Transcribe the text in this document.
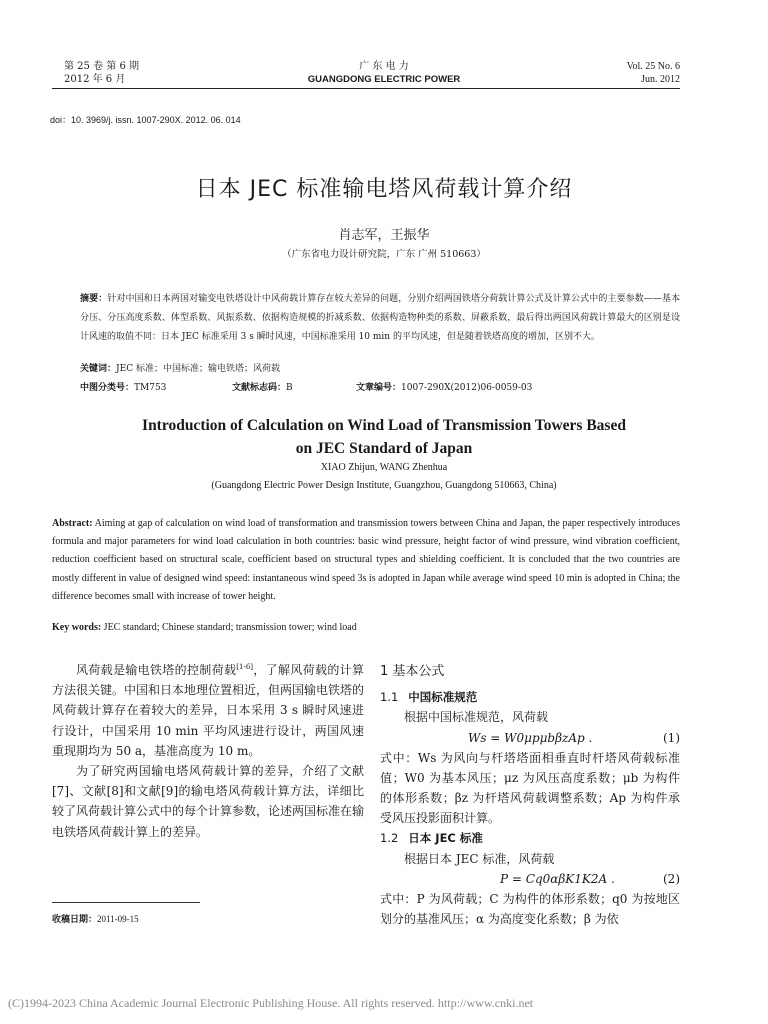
第 25 卷 第 6 期
2012 年 6 月
广 东 电 力
GUANGDONG ELECTRIC POWER
Vol. 25 No. 6
Jun. 2012
doi：10. 3969/j. issn. 1007-290X. 2012. 06. 014
日本 JEC 标准输电塔风荷载计算介绍
肖志军，王振华
（广东省电力设计研究院，广东 广州 510663）
摘要：针对中国和日本两国对输变电铁塔设计中风荷载计算存在较大差异的问题，分别介绍两国铁塔分荷载计算公式及计算公式中的主要参数——基本分压、分压高度系数、体型系数、风振系数、依据构造规模的折减系数、依据构造物种类的系数、屏蔽系数，最后得出两国风荷载计算最大的区别是设计风速的取值不同：日本 JEC 标准采用 3 s 瞬时风速，中国标准采用 10 min 的平均风速，但是随着铁塔高度的增加，区别不大。
关键词：JEC 标准；中国标准；输电铁塔；风荷载
中图分类号：TM753	文献标志码：B	文章编号：1007-290X(2012)06-0059-03
Introduction of Calculation on Wind Load of Transmission Towers Based
on JEC Standard of Japan
XIAO Zhijun, WANG Zhenhua
(Guangdong Electric Power Design Institute, Guangzhou, Guangdong 510663, China)
Abstract: Aiming at gap of calculation on wind load of transformation and transmission towers between China and Japan, the paper respectively introduces formula and major parameters for wind load calculation in both countries: basic wind pressure, height factor of wind pressure, wind vibration coefficient, reduction coefficient based on structural scale, coefficient based on structural types and shielding coefficient. It is concluded that the two countries are mostly different in value of designed wind speed: instantaneous wind speed 3s is adopted in Japan while average wind speed 10 min is adopted in China; the difference becomes small with increase of tower height.
Key words: JEC standard; Chinese standard; transmission tower; wind load

风荷载是输电铁塔的控制荷载[1-6]，了解风荷载的计算方法很关键。中国和日本地理位置相近，但两国输电铁塔的风荷载计算存在着较大的差异，日本采用 3 s 瞬时风速进行设计，中国采用 10 min 平均风速进行设计，两国风速重现期均为 50 a，基准高度为 10 m。

为了研究两国输电塔风荷载计算的差异，介绍了文献[7]、文献[8]和文献[9]的输电塔风荷载计算方法，详细比较了风荷载计算公式中的每个计算参数，论述两国标准在输电铁塔风荷载计算上的差异。

收稿日期：2011-09-15
1 基本公式
1.1 中国标准规范

根据中国标准规范，风荷载

Ws = W0μpμbβzAp .	(1)

式中：Ws 为风向与杆塔塔面相垂直时杆塔风荷载标准值；W0 为基本风压；μz 为风压高度系数；μb 为构件的体形系数；βz 为杆塔风荷载调整系数；Ap 为构件承受风压投影面积计算。

1.2 日本 JEC 标准

根据日本 JEC 标准，风荷载

P = Cq0αβK1K2A .	(2)

式中：P 为风荷载；C 为构件的体形系数；q0 为按地区划分的基准风压；α 为高度变化系数；β 为依

(C)1994-2023 China Academic Journal Electronic Publishing House. All rights reserved. http://www.cnki.net
